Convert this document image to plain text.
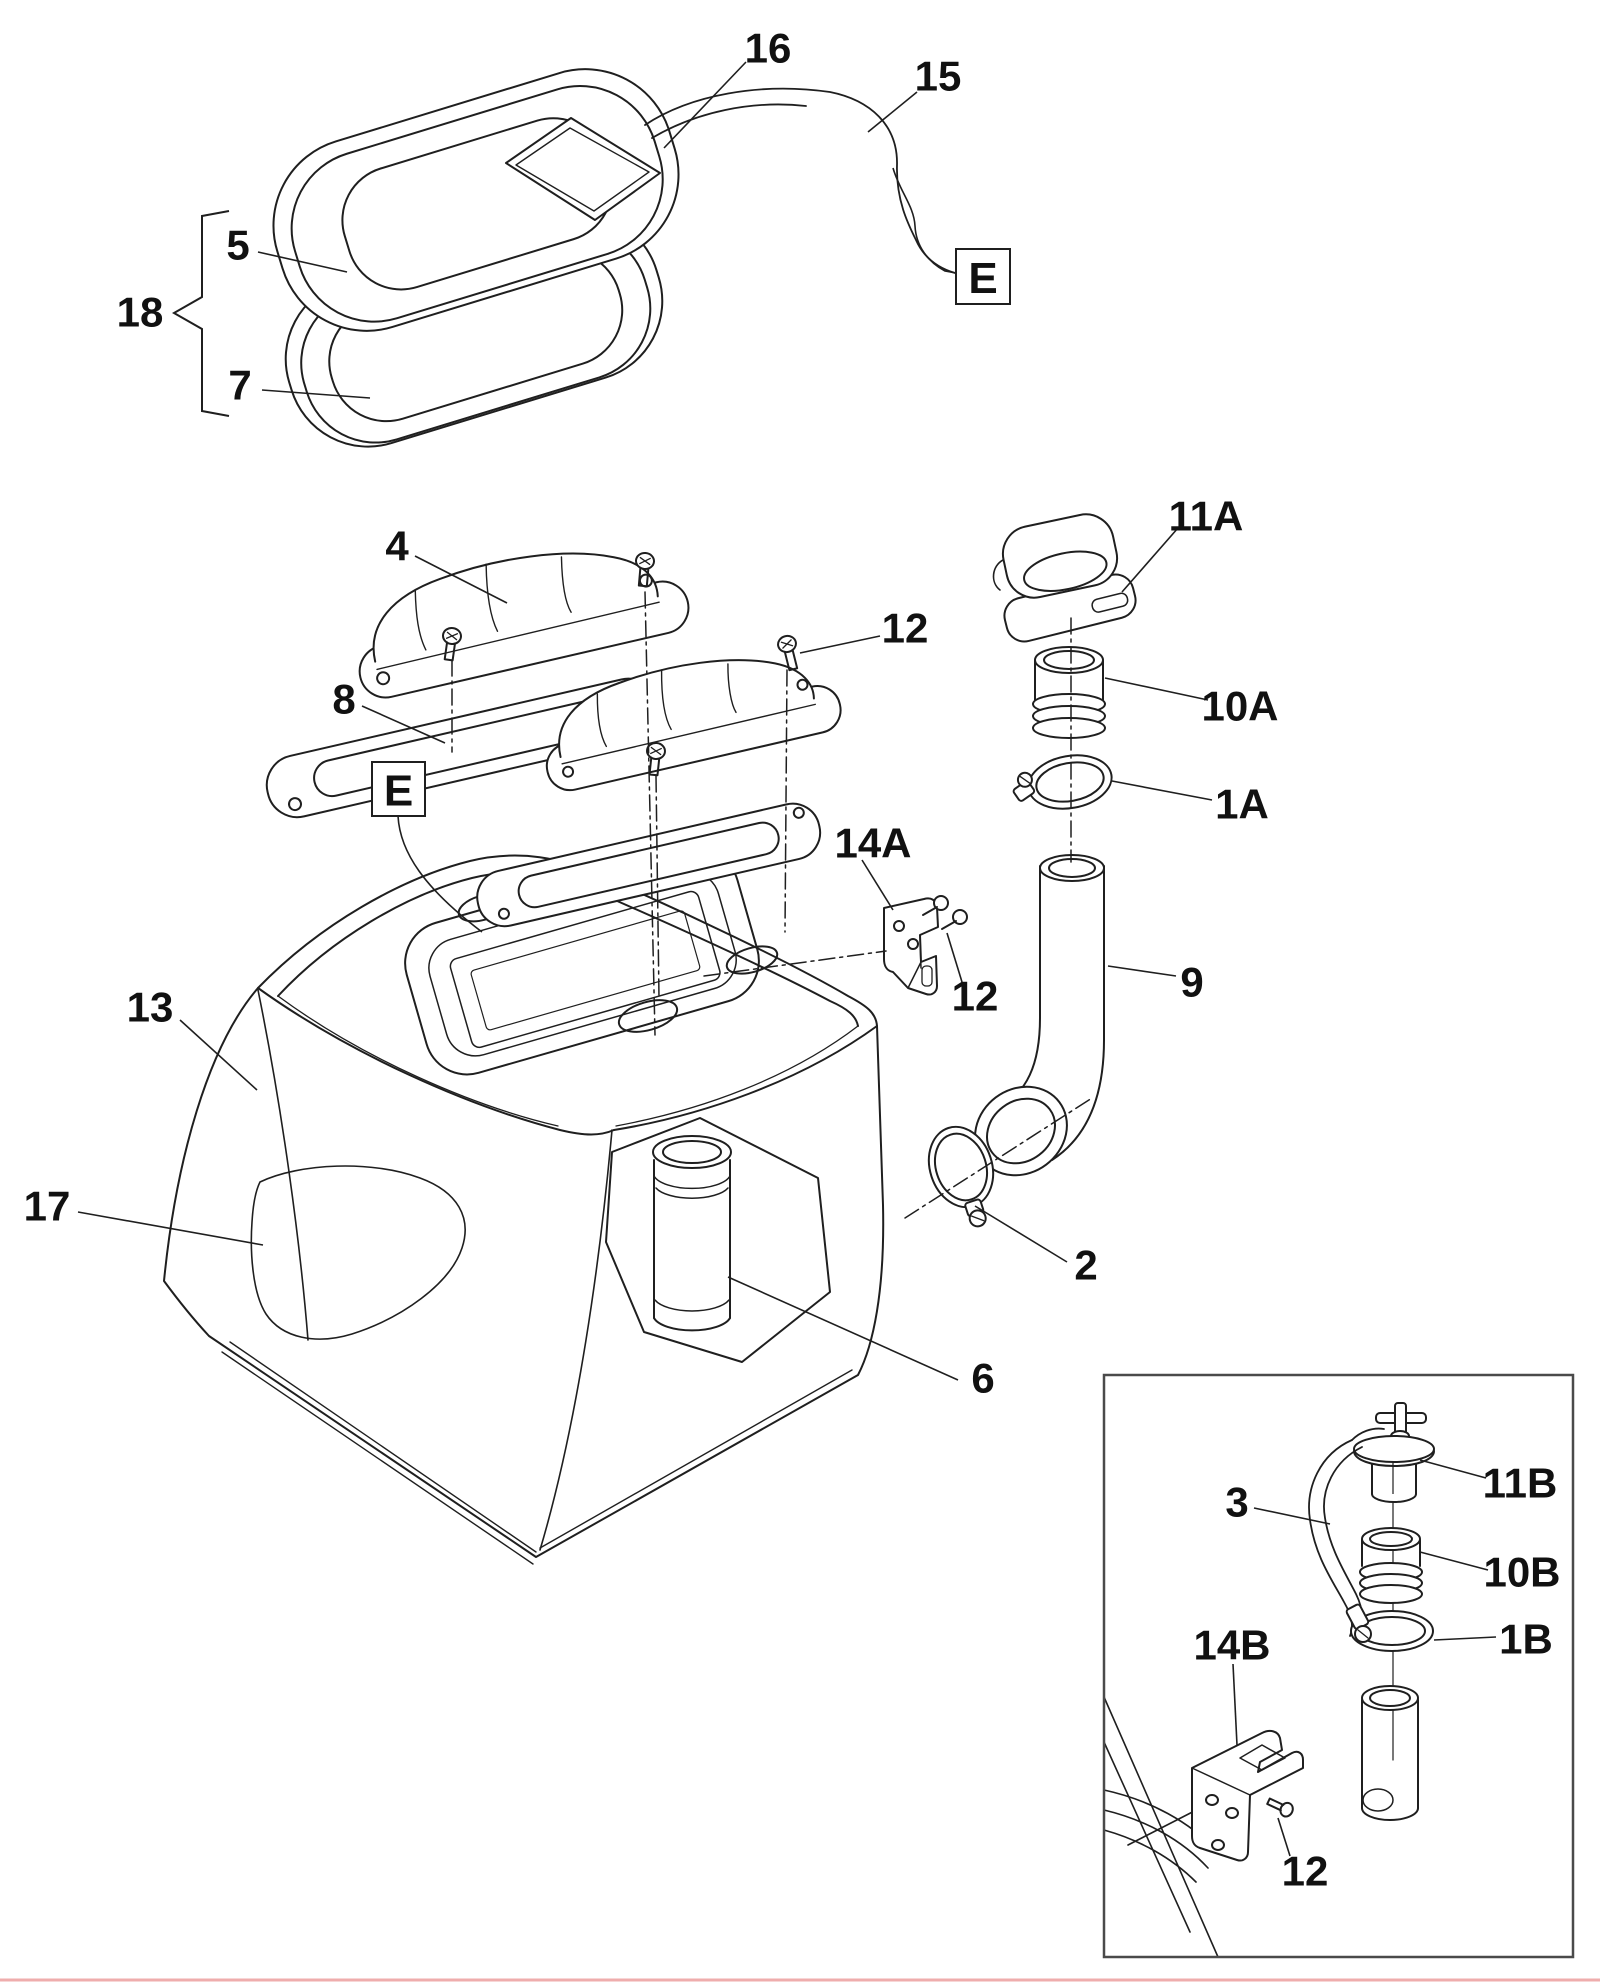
16
15
5
18
7
4
8
12
11A
10A
1A
14A
12	9
13
17
2
6
3	11B
10B
1B
14B
12
E
E
